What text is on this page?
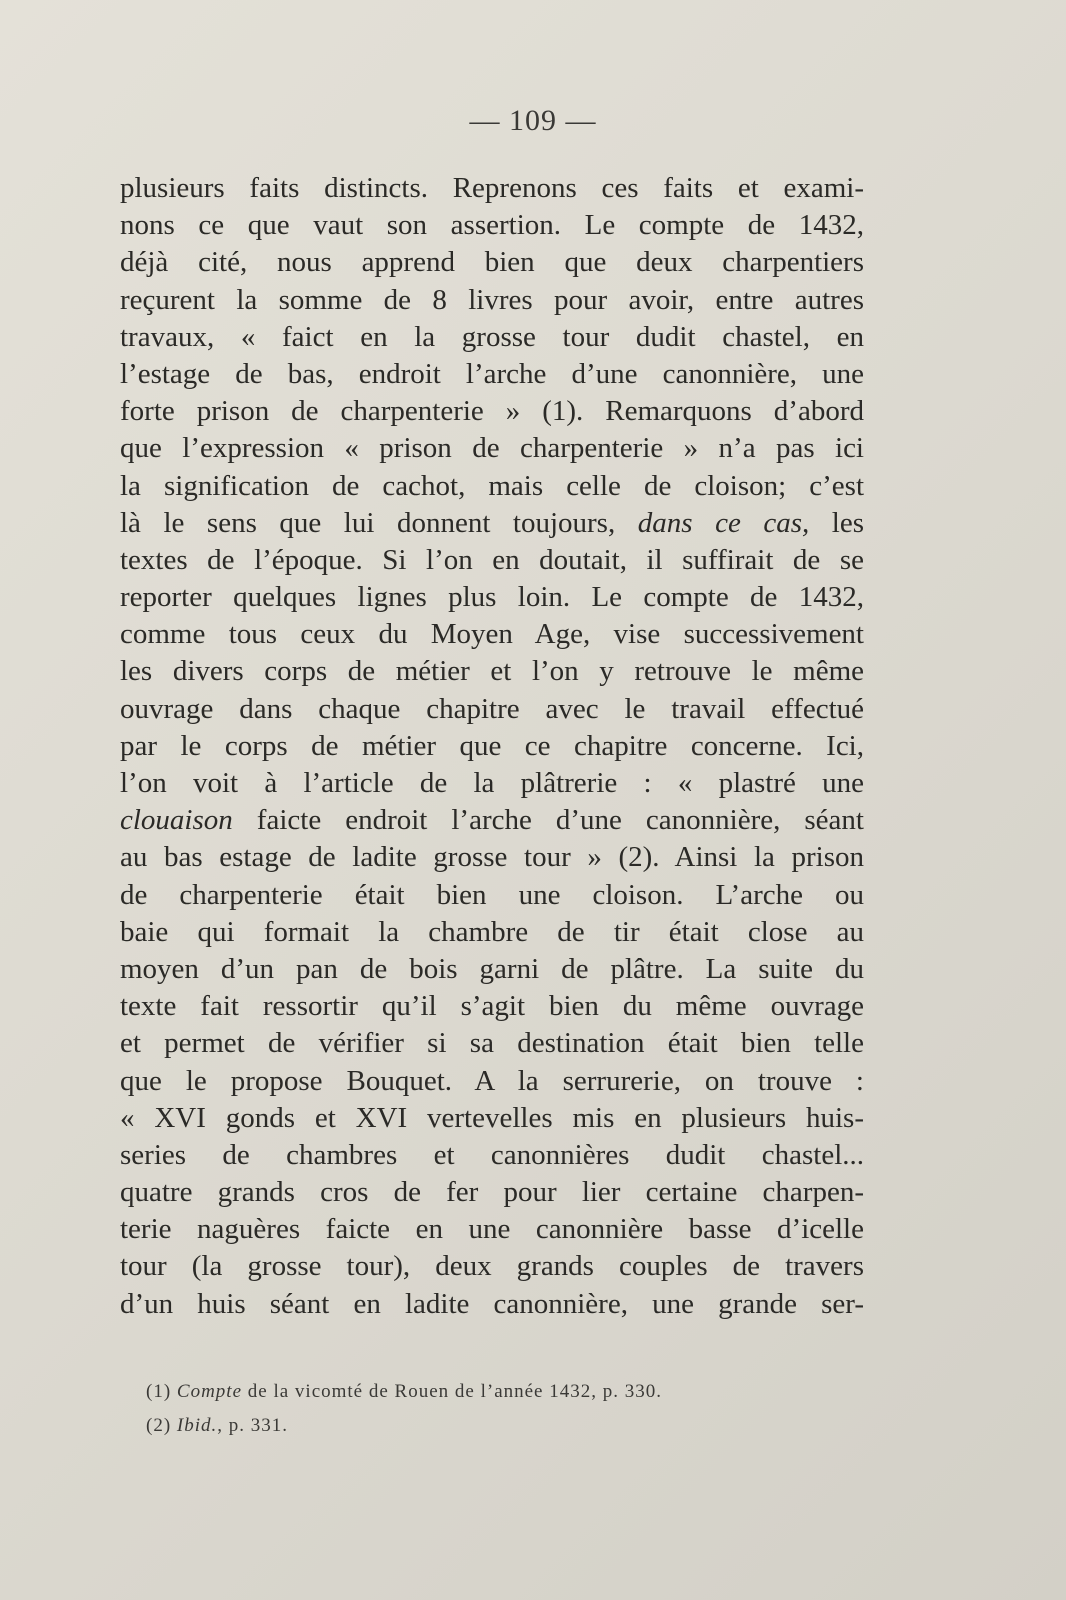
— 109 —
plusieurs faits distincts. Reprenons ces faits et exami-
nons ce que vaut son assertion. Le compte de 1432,
déjà cité, nous apprend bien que deux charpentiers
reçurent la somme de 8 livres pour avoir, entre autres
travaux, « faict en la grosse tour dudit chastel, en
l’estage de bas, endroit l’arche d’une canonnière, une
forte prison de charpenterie » (1). Remarquons d’abord
que l’expression « prison de charpenterie » n’a pas ici
la signification de cachot, mais celle de cloison; c’est
là le sens que lui donnent toujours, dans ce cas, les
textes de l’époque. Si l’on en doutait, il suffirait de se
reporter quelques lignes plus loin. Le compte de 1432,
comme tous ceux du Moyen Age, vise successivement
les divers corps de métier et l’on y retrouve le même
ouvrage dans chaque chapitre avec le travail effectué
par le corps de métier que ce chapitre concerne. Ici,
l’on voit à l’article de la plâtrerie : « plastré une
clouaison faicte endroit l’arche d’une canonnière, séant
au bas estage de ladite grosse tour » (2). Ainsi la prison
de charpenterie était bien une cloison. L’arche ou
baie qui formait la chambre de tir était close au
moyen d’un pan de bois garni de plâtre. La suite du
texte fait ressortir qu’il s’agit bien du même ouvrage
et permet de vérifier si sa destination était bien telle
que le propose Bouquet. A la serrurerie, on trouve :
« XVI gonds et XVI vertevelles mis en plusieurs huis-
series de chambres et canonnières dudit chastel...
quatre grands cros de fer pour lier certaine charpen-
terie naguères faicte en une canonnière basse d’icelle
tour (la grosse tour), deux grands couples de travers
d’un huis séant en ladite canonnière, une grande ser-
(1) Compte de la vicomté de Rouen de l’année 1432, p. 330.
(2) Ibid., p. 331.
